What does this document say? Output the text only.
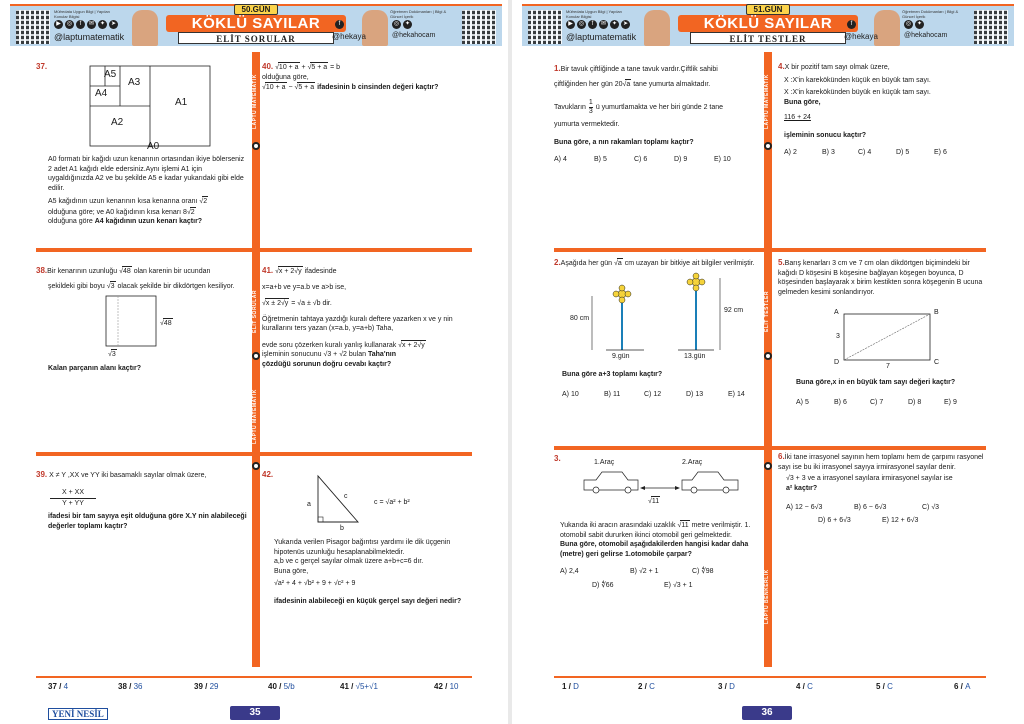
Müfredata Uygun Bilgi | Yapılan Konular Bilgisi
▶	◎	f	✉ ✦ ➤
@laptumatematik
50.GÜN
KÖKLÜ SAYILAR
ELİT SORULAR
f
@hekaya
Öğretmen Dokümanları | Bilgi & Güncel İçerik
◎ ✦
@hekahocam
LAPTU MATEMATİK
ELİT SORULAR
LAPTU MATEMATİK
37.
A5
A4
A3
A2
A1
A0
A0 formatı bir kağıdı uzun kenarının ortasından ikiye bölerseniz 2 adet A1 kağıdı elde edersiniz.Aynı işlemi A1 için uygaldığınızda A2 ve bu şekilde A5 e kadar yukarıdaki gibi elde edilir.
A5 kağıdının uzun kenarının kısa kenarına oranı √2
olduğuna göre; ve A0 kağıdının kısa kenarı 8√2
olduğuna göre A4 kağıdının uzun kenarı kaçtır?
38.Bir kenarının uzunluğu √48 olan karenin bir ucundan
şekildeki gibi boyu √3 olacak şekilde bir dikdörtgen kesiliyor.
√48
√3
Kalan parçanın alanı kaçtır?
39. X ≠ Y ,XX ve YY iki basamaklı sayılar olmak üzere,
$\frac{X + XX}{Y + YY}$
ifadesi bir tam sayıya eşit olduğuna göre X.Y nin alabileceği değerler toplamı kaçtır?
40. √10 + a + √5 + a = b
olduğuna göre,
√10 + a − √5 + a ifadesinin b cinsinden değeri kaçtır?
41. √x + 2√y ifadesinde
x=a+b ve y=a.b ve a>b ise,
√x ± 2√y = √a ± √b dir.
Öğretmenin tahtaya yazdığı kuralı deftere yazarken x ve y nin kurallarını ters yazan (x=a.b, y=a+b) Taha,
evde soru çözerken kuralı yanlış kullanarak √x + 2√y
işleminin sonucunu √3 + √2 bulan Taha'nın
çözdüğü sorunun doğru cevabı kaçtır?
42.
a
b
c
c = √a² + b²
Yukarıda verilen Pisagor bağıntısı yardımı ile dik üçgenin hipotenüs uzunluğu hesaplanabilmektedir.
a,b ve c gerçel sayılar olmak üzere a+b+c=6 dır.
Buna göre,
√a² + 4 + √b² + 9 + √c² + 9
ifadesinin alabileceği en küçük gerçel sayı değeri nedir?
37 / 4	38 / 36	39 / 29	40 / 5/b	41 / √5+√1	42 / 10
YENİ NESİL	35
Müfredata Uygun Bilgi | Yapılan Konular Bilgisi
▶	◎	f	✉ ✦ ➤
@laptumatematik
51.GÜN
KÖKLÜ SAYILAR
ELİT TESTLER
f
@hekaya
Öğretmen Dokümanları | Bilgi & Güncel İçerik
◎ ✦
@hekahocam
LAPTU MATEMATİK
ELİT TESTLER
LAPTU BENKERLİK
1.Bir tavuk çiftliğinde a tane tavuk vardır.Çiftlik sahibi
çiftliğinden her gün 20√a tane yumurta almaktadır.
Tavukların $\frac{1}{3}$ ü yumurtlamakta ve her biri günde 2 tane
yumurta vermektedir.
Buna göre, a nın rakamları toplamı kaçtır?
A) 4	B) 5	C) 6	D) 9	E) 10
2.Aşağıda her gün √a cm uzayan bir bitkiye ait bilgiler verilmiştir.
80 cm
92 cm
9.gün	13.gün
Buna göre a+3 toplamı kaçtır?
A) 10	B) 11	C) 12	D) 13	E) 14
3.	1.Araç	2.Araç
√11
Yukarıda iki aracın arasındaki uzaklık √11 metre verilmiştir. 1. otomobil sabit dururken ikinci otomobil geri gelmektedir.
Buna göre, otomobil aşağıdakilerden hangisi kadar daha (metre) geri gelirse 1.otomobile çarpar?
A) 2,4	B) √2 + 1	C) ∜98
D) ∜66	E) √3 + 1
4.X bir pozitif tam sayı olmak üzere,
X :X'in karekökünden küçük en büyük tam sayı.
X :X'in karekökünden büyük en küçük tam sayı.
Buna göre,
116 + 24
işleminin sonucu kaçtır?
A) 2	B) 3	C) 4	D) 5	E) 6
5.Barış kenarları 3 cm ve 7 cm olan dikdörtgen biçimindeki bir kağıdı D köşesini B köşesine bağlayan köşegen boyunca, D köşesinden başlayarak x birim kestikten sonra köşegenin B ucuna gelmeden kesimi sonlandırıyor.
A	B
C
D
3
7
Buna göre,x in en büyük tam sayı değeri kaçtır?
A) 5	B) 6	C) 7	D) 8	E) 9
6.İki tane irrasyonel sayının hem toplamı hem de çarpımı rasyonel sayı ise bu iki irrasyonel sayıya irmirasyonel sayılar denir.
√3 + 3 ve a irrasyonel sayılara irmirasyonel sayılar ise
a² kaçtır?
A) 12 − 6√3	B) 6 − 6√3	C) √3
D) 6 + 6√3	E) 12 + 6√3
1 / D	2 / C	3 / D	4 / C	5 / C	6 / A
36
